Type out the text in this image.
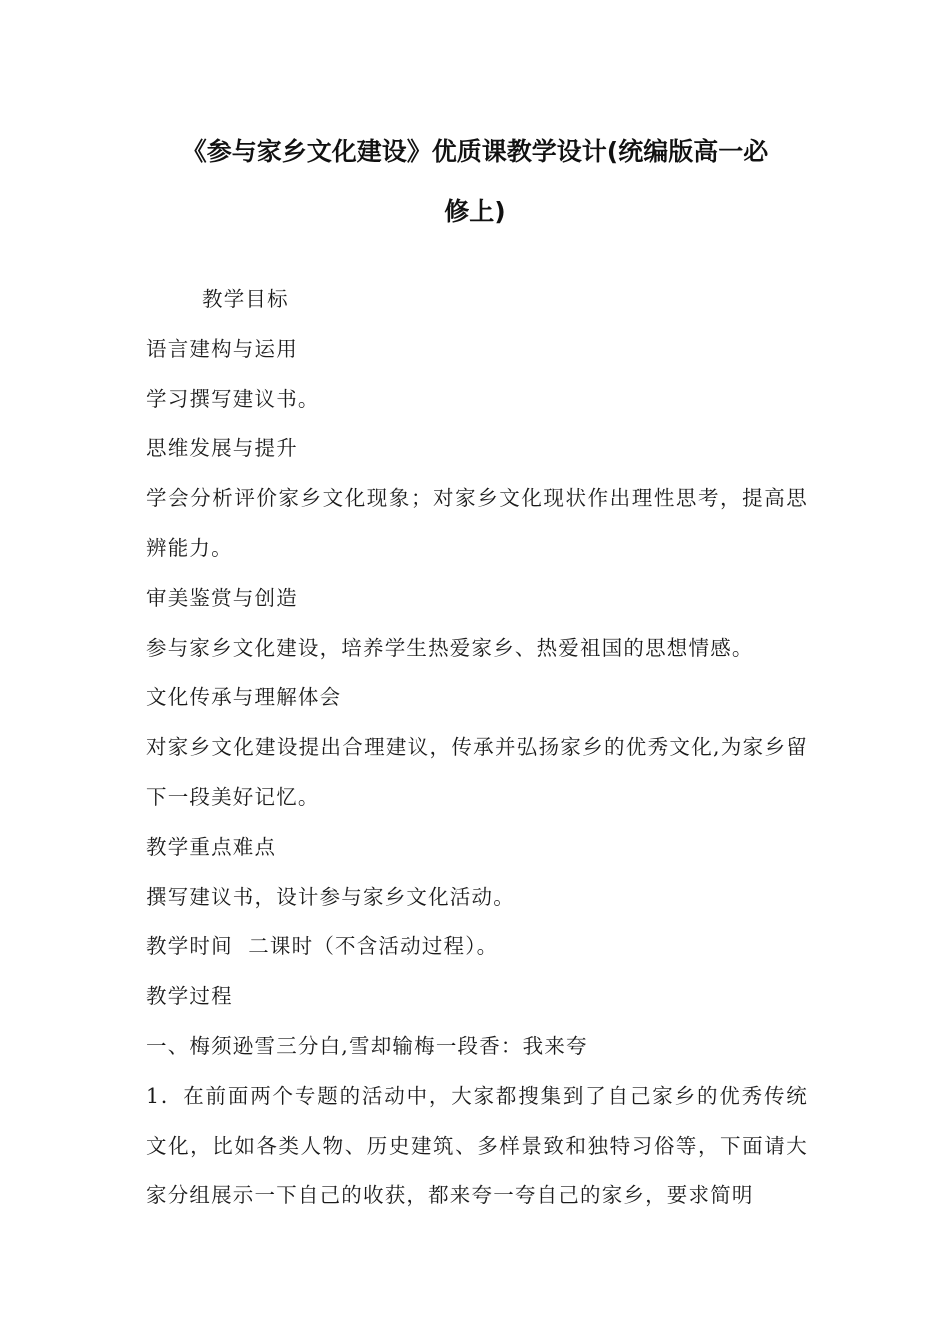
《参与家乡文化建设》优质课教学设计(统编版高一必
修上)

教学目标

语言建构与运用

学习撰写建议书。

思维发展与提升

学会分析评价家乡文化现象；对家乡文化现状作出理性思考，提高思辨能力。

审美鉴赏与创造

参与家乡文化建设，培养学生热爱家乡、热爱祖国的思想情感。

文化传承与理解体会

对家乡文化建设提出合理建议，传承并弘扬家乡的优秀文化,为家乡留下一段美好记忆。

教学重点难点

撰写建议书，设计参与家乡文化活动。

教学时间  二课时（不含活动过程）。

教学过程

一、梅须逊雪三分白,雪却输梅一段香：我来夸

1．在前面两个专题的活动中，大家都搜集到了自己家乡的优秀传统文化，比如各类人物、历史建筑、多样景致和独特习俗等，下面请大家分组展示一下自己的收获，都来夸一夸自己的家乡，要求简明
